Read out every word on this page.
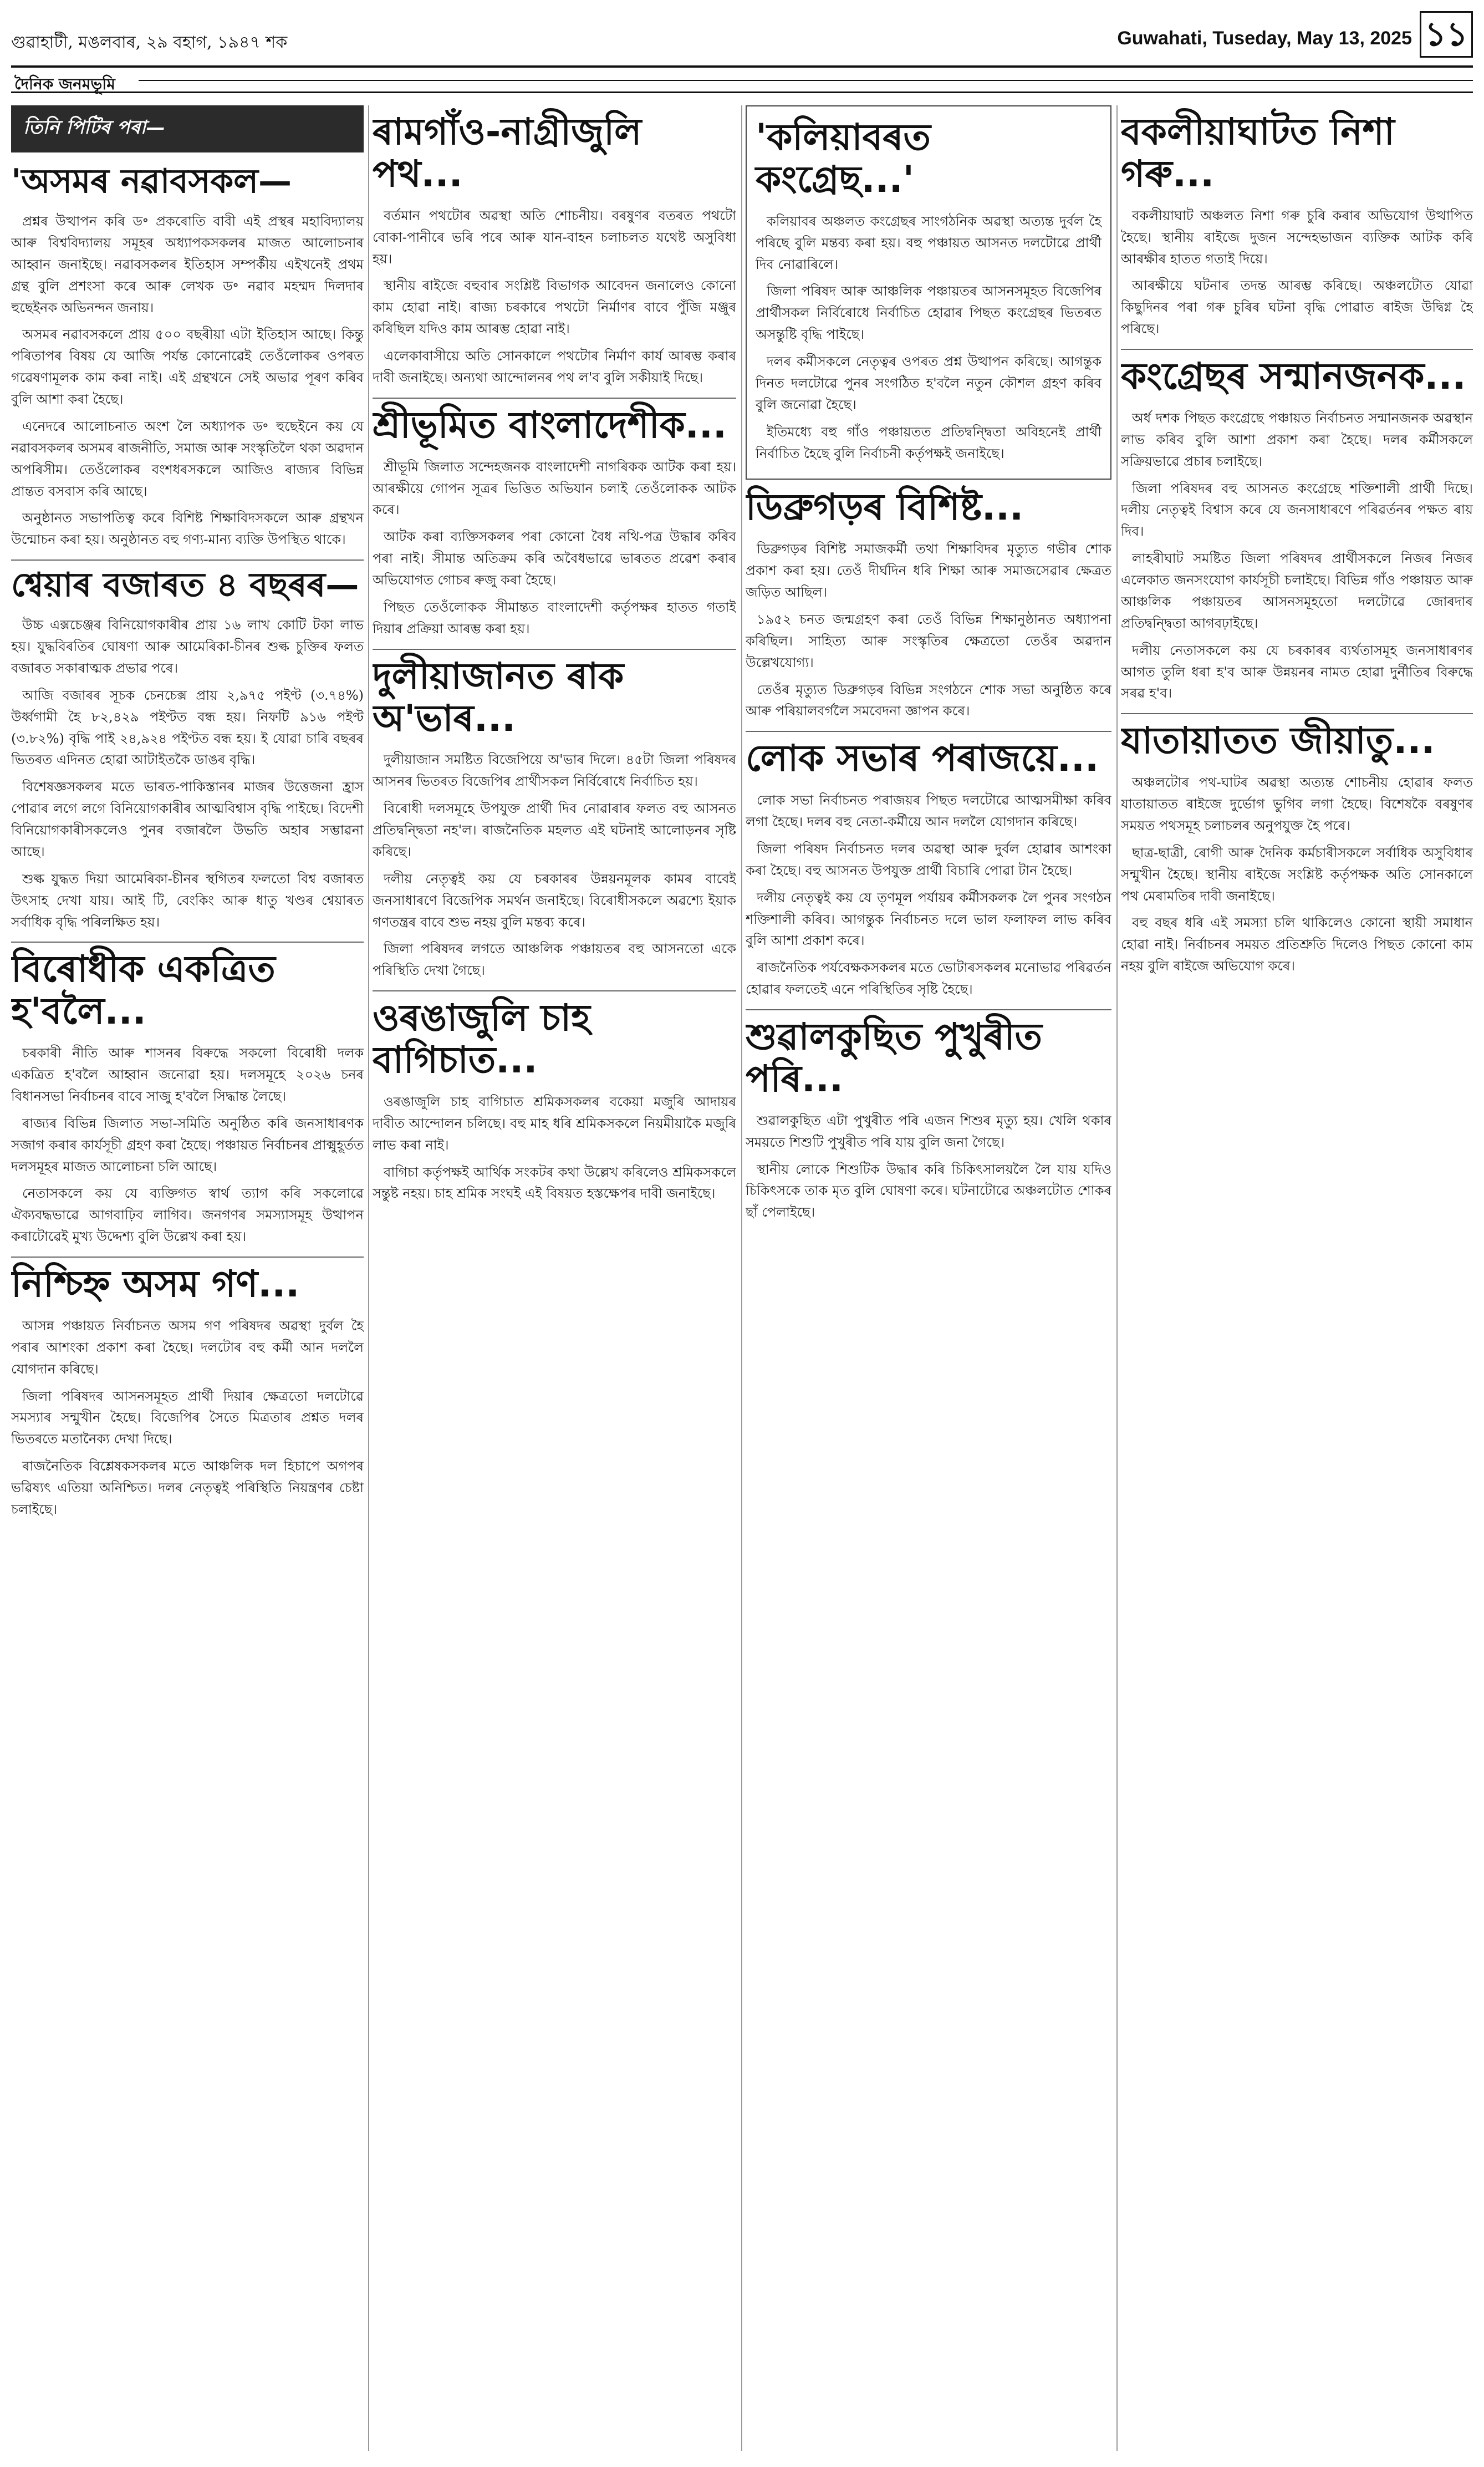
গুৱাহাটী, মঙলবাৰ, ২৯ বহাগ, ১৯৪৭ শক	Guwahati, Tuseday, May 13, 2025 ১১
দৈনিক জনমভূমি
তিনি পিটিৰ পৰা—
'অসমৰ নৱাবসকল—

প্ৰশ্নৰ উত্থাপন কৰি ড॰ প্ৰকৰোতি বাবী এই প্ৰস্থৰ মহাবিদ্যালয় আৰু বিশ্ববিদ্যালয় সমূহৰ অধ্যাপকসকলৰ মাজত আলোচনাৰ আহ্বান জনাইছে। নৱাবসকলৰ ইতিহাস সম্পৰ্কীয় এইখনেই প্ৰথম গ্ৰন্থ বুলি প্ৰশংসা কৰে আৰু লেখক ড॰ নৱাব মহম্মদ দিলদাৰ হুছেইনক অভিনন্দন জনায়।

অসমৰ নৱাবসকলে প্ৰায় ৫০০ বছৰীয়া এটা ইতিহাস আছে। কিন্তু পৰিতাপৰ বিষয় যে আজি পৰ্যন্ত কোনোৱেই তেওঁলোকৰ ওপৰত গৱেষণামূলক কাম কৰা নাই। এই গ্ৰন্থখনে সেই অভাৱ পূৰণ কৰিব বুলি আশা কৰা হৈছে।

এনেদৰে আলোচনাত অংশ লৈ অধ্যাপক ড॰ হুছেইনে কয় যে নৱাবসকলৰ অসমৰ ৰাজনীতি, সমাজ আৰু সংস্কৃতিলৈ থকা অৱদান অপৰিসীম। তেওঁলোকৰ বংশধৰসকলে আজিও ৰাজ্যৰ বিভিন্ন প্ৰান্তত বসবাস কৰি আছে।

অনুষ্ঠানত সভাপতিত্ব কৰে বিশিষ্ট শিক্ষাবিদসকলে আৰু গ্ৰন্থখন উন্মোচন কৰা হয়। অনুষ্ঠানত বহু গণ্য-মান্য ব্যক্তি উপস্থিত থাকে।

শ্বেয়াৰ বজাৰত ৪ বছৰৰ—

উচ্চ এক্সচেঞ্জৰ বিনিয়োগকাৰীৰ প্ৰায় ১৬ লাখ কোটি টকা লাভ হয়। যুদ্ধবিৰতিৰ ঘোষণা আৰু আমেৰিকা-চীনৰ শুল্ক চুক্তিৰ ফলত বজাৰত সকাৰাত্মক প্ৰভাৱ পৰে।

আজি বজাৰৰ সূচক চেনচেক্স প্ৰায় ২,৯৭৫ পইণ্ট (৩.৭৪%) উৰ্ধ্বগামী হৈ ৮২,৪২৯ পইণ্টত বন্ধ হয়। নিফটি ৯১৬ পইণ্ট (৩.৮২%) বৃদ্ধি পাই ২৪,৯২৪ পইণ্টত বন্ধ হয়। ই যোৱা চাৰি বছৰৰ ভিতৰত এদিনত হোৱা আটাইতকৈ ডাঙৰ বৃদ্ধি।

বিশেষজ্ঞসকলৰ মতে ভাৰত-পাকিস্তানৰ মাজৰ উত্তেজনা হ্ৰাস পোৱাৰ লগে লগে বিনিয়োগকাৰীৰ আত্মবিশ্বাস বৃদ্ধি পাইছে। বিদেশী বিনিয়োগকাৰীসকলেও পুনৰ বজাৰলৈ উভতি অহাৰ সম্ভাৱনা আছে।

শুল্ক যুদ্ধত দিয়া আমেৰিকা-চীনৰ স্থগিতৰ ফলতো বিশ্ব বজাৰত উৎসাহ দেখা যায়। আই টি, বেংকিং আৰু ধাতু খণ্ডৰ শ্বেয়াৰত সৰ্বাধিক বৃদ্ধি পৰিলক্ষিত হয়।

বিৰোধীক একত্ৰিত হ'বলৈ...

চৰকাৰী নীতি আৰু শাসনৰ বিৰুদ্ধে সকলো বিৰোধী দলক একত্ৰিত হ'বলৈ আহ্বান জনোৱা হয়। দলসমূহে ২০২৬ চনৰ বিধানসভা নিৰ্বাচনৰ বাবে সাজু হ'বলৈ সিদ্ধান্ত লৈছে।

ৰাজ্যৰ বিভিন্ন জিলাত সভা-সমিতি অনুষ্ঠিত কৰি জনসাধাৰণক সজাগ কৰাৰ কাৰ্যসূচী গ্ৰহণ কৰা হৈছে। পঞ্চায়ত নিৰ্বাচনৰ প্ৰাক্মুহূৰ্তত দলসমূহৰ মাজত আলোচনা চলি আছে।

নেতাসকলে কয় যে ব্যক্তিগত স্বাৰ্থ ত্যাগ কৰি সকলোৱে ঐক্যবদ্ধভাৱে আগবাঢ়িব লাগিব। জনগণৰ সমস্যাসমূহ উত্থাপন কৰাটোৱেই মুখ্য উদ্দেশ্য বুলি উল্লেখ কৰা হয়।

নিশ্চিহ্ন অসম গণ...

আসন্ন পঞ্চায়ত নিৰ্বাচনত অসম গণ পৰিষদৰ অৱস্থা দুৰ্বল হৈ পৰাৰ আশংকা প্ৰকাশ কৰা হৈছে। দলটোৰ বহু কৰ্মী আন দললৈ যোগদান কৰিছে।

জিলা পৰিষদৰ আসনসমূহত প্ৰাৰ্থী দিয়াৰ ক্ষেত্ৰতো দলটোৱে সমস্যাৰ সন্মুখীন হৈছে। বিজেপিৰ সৈতে মিত্ৰতাৰ প্ৰশ্নত দলৰ ভিতৰতে মতানৈক্য দেখা দিছে।

ৰাজনৈতিক বিশ্লেষকসকলৰ মতে আঞ্চলিক দল হিচাপে অগপৰ ভৱিষ্যৎ এতিয়া অনিশ্চিত। দলৰ নেতৃত্বই পৰিস্থিতি নিয়ন্ত্ৰণৰ চেষ্টা চলাইছে।

ৰামগাঁও-নাগ্ৰীজুলি পথ...

বৰ্তমান পথটোৰ অৱস্থা অতি শোচনীয়। বৰষুণৰ বতৰত পথটো বোকা-পানীৰে ভৰি পৰে আৰু যান-বাহন চলাচলত যথেষ্ট অসুবিধা হয়।

স্থানীয় ৰাইজে বহুবাৰ সংশ্লিষ্ট বিভাগক আবেদন জনালেও কোনো কাম হোৱা নাই। ৰাজ্য চৰকাৰে পথটো নিৰ্মাণৰ বাবে পুঁজি মঞ্জুৰ কৰিছিল যদিও কাম আৰম্ভ হোৱা নাই।

এলেকাবাসীয়ে অতি সোনকালে পথটোৰ নিৰ্মাণ কাৰ্য আৰম্ভ কৰাৰ দাবী জনাইছে। অন্যথা আন্দোলনৰ পথ ল'ব বুলি সকীয়াই দিছে।

শ্ৰীভূমিত বাংলাদেশীক...

শ্ৰীভূমি জিলাত সন্দেহজনক বাংলাদেশী নাগৰিকক আটক কৰা হয়। আৰক্ষীয়ে গোপন সূত্ৰৰ ভিত্তিত অভিযান চলাই তেওঁলোকক আটক কৰে।

আটক কৰা ব্যক্তিসকলৰ পৰা কোনো বৈধ নথি-পত্ৰ উদ্ধাৰ কৰিব পৰা নাই। সীমান্ত অতিক্ৰম কৰি অবৈধভাৱে ভাৰতত প্ৰৱেশ কৰাৰ অভিযোগত গোচৰ ৰুজু কৰা হৈছে।

পিছত তেওঁলোকক সীমান্তত বাংলাদেশী কৰ্তৃপক্ষৰ হাতত গতাই দিয়াৰ প্ৰক্ৰিয়া আৰম্ভ কৰা হয়।

দুলীয়াজানত ৰাক অ'ভাৰ...

দুলীয়াজান সমষ্টিত বিজেপিয়ে অ'ভাৰ দিলে। ৪৫টা জিলা পৰিষদৰ আসনৰ ভিতৰত বিজেপিৰ প্ৰাৰ্থীসকল নিৰ্বিৰোধে নিৰ্বাচিত হয়।

বিৰোধী দলসমূহে উপযুক্ত প্ৰাৰ্থী দিব নোৱাৰাৰ ফলত বহু আসনত প্ৰতিদ্বন্দ্বিতা নহ'ল। ৰাজনৈতিক মহলত এই ঘটনাই আলোড়নৰ সৃষ্টি কৰিছে।

দলীয় নেতৃত্বই কয় যে চৰকাৰৰ উন্নয়নমূলক কামৰ বাবেই জনসাধাৰণে বিজেপিক সমৰ্থন জনাইছে। বিৰোধীসকলে অৱশ্যে ইয়াক গণতন্ত্ৰৰ বাবে শুভ নহয় বুলি মন্তব্য কৰে।

জিলা পৰিষদৰ লগতে আঞ্চলিক পঞ্চায়তৰ বহু আসনতো একে পৰিস্থিতি দেখা গৈছে।

ওৰঙাজুলি চাহ বাগিচাত...

ওৰঙাজুলি চাহ বাগিচাত শ্ৰমিকসকলৰ বকেয়া মজুৰি আদায়ৰ দাবীত আন্দোলন চলিছে। বহু মাহ ধৰি শ্ৰমিকসকলে নিয়মীয়াকৈ মজুৰি লাভ কৰা নাই।

বাগিচা কৰ্তৃপক্ষই আৰ্থিক সংকটৰ কথা উল্লেখ কৰিলেও শ্ৰমিকসকলে সন্তুষ্ট নহয়। চাহ শ্ৰমিক সংঘই এই বিষয়ত হস্তক্ষেপৰ দাবী জনাইছে।

'কলিয়াবৰত কংগ্ৰেছ...'

কলিয়াবৰ অঞ্চলত কংগ্ৰেছৰ সাংগঠনিক অৱস্থা অত্যন্ত দুৰ্বল হৈ পৰিছে বুলি মন্তব্য কৰা হয়। বহু পঞ্চায়ত আসনত দলটোৱে প্ৰাৰ্থী দিব নোৱাৰিলে।

জিলা পৰিষদ আৰু আঞ্চলিক পঞ্চায়তৰ আসনসমূহত বিজেপিৰ প্ৰাৰ্থীসকল নিৰ্বিৰোধে নিৰ্বাচিত হোৱাৰ পিছত কংগ্ৰেছৰ ভিতৰত অসন্তুষ্টি বৃদ্ধি পাইছে।

দলৰ কৰ্মীসকলে নেতৃত্বৰ ওপৰত প্ৰশ্ন উত্থাপন কৰিছে। আগন্তুক দিনত দলটোৱে পুনৰ সংগঠিত হ'বলৈ নতুন কৌশল গ্ৰহণ কৰিব বুলি জনোৱা হৈছে।

ইতিমধ্যে বহু গাঁও পঞ্চায়তত প্ৰতিদ্বন্দ্বিতা অবিহনেই প্ৰাৰ্থী নিৰ্বাচিত হৈছে বুলি নিৰ্বাচনী কৰ্তৃপক্ষই জনাইছে।

ডিব্ৰুগড়ৰ বিশিষ্ট...

ডিব্ৰুগড়ৰ বিশিষ্ট সমাজকৰ্মী তথা শিক্ষাবিদৰ মৃত্যুত গভীৰ শোক প্ৰকাশ কৰা হয়। তেওঁ দীৰ্ঘদিন ধৰি শিক্ষা আৰু সমাজসেৱাৰ ক্ষেত্ৰত জড়িত আছিল।

১৯৫২ চনত জন্মগ্ৰহণ কৰা তেওঁ বিভিন্ন শিক্ষানুষ্ঠানত অধ্যাপনা কৰিছিল। সাহিত্য আৰু সংস্কৃতিৰ ক্ষেত্ৰতো তেওঁৰ অৱদান উল্লেখযোগ্য।

তেওঁৰ মৃত্যুত ডিব্ৰুগড়ৰ বিভিন্ন সংগঠনে শোক সভা অনুষ্ঠিত কৰে আৰু পৰিয়ালবৰ্গলৈ সমবেদনা জ্ঞাপন কৰে।

লোক সভাৰ পৰাজয়ে...

লোক সভা নিৰ্বাচনত পৰাজয়ৰ পিছত দলটোৱে আত্মসমীক্ষা কৰিব লগা হৈছে। দলৰ বহু নেতা-কৰ্মীয়ে আন দললৈ যোগদান কৰিছে।

জিলা পৰিষদ নিৰ্বাচনত দলৰ অৱস্থা আৰু দুৰ্বল হোৱাৰ আশংকা কৰা হৈছে। বহু আসনত উপযুক্ত প্ৰাৰ্থী বিচাৰি পোৱা টান হৈছে।

দলীয় নেতৃত্বই কয় যে তৃণমূল পৰ্যায়ৰ কৰ্মীসকলক লৈ পুনৰ সংগঠন শক্তিশালী কৰিব। আগন্তুক নিৰ্বাচনত দলে ভাল ফলাফল লাভ কৰিব বুলি আশা প্ৰকাশ কৰে।

ৰাজনৈতিক পৰ্যবেক্ষকসকলৰ মতে ভোটাৰসকলৰ মনোভাৱ পৰিৱৰ্তন হোৱাৰ ফলতেই এনে পৰিস্থিতিৰ সৃষ্টি হৈছে।

শুৱালকুছিত পুখুৰীত পৰি...

শুৱালকুছিত এটা পুখুৰীত পৰি এজন শিশুৰ মৃত্যু হয়। খেলি থকাৰ সময়তে শিশুটি পুখুৰীত পৰি যায় বুলি জনা গৈছে।

স্থানীয় লোকে শিশুটিক উদ্ধাৰ কৰি চিকিৎসালয়লৈ লৈ যায় যদিও চিকিৎসকে তাক মৃত বুলি ঘোষণা কৰে। ঘটনাটোৱে অঞ্চলটোত শোকৰ ছাঁ পেলাইছে।

বকলীয়াঘাটত নিশা গৰু...

বকলীয়াঘাট অঞ্চলত নিশা গৰু চুৰি কৰাৰ অভিযোগ উত্থাপিত হৈছে। স্থানীয় ৰাইজে দুজন সন্দেহভাজন ব্যক্তিক আটক কৰি আৰক্ষীৰ হাতত গতাই দিয়ে।

আৰক্ষীয়ে ঘটনাৰ তদন্ত আৰম্ভ কৰিছে। অঞ্চলটোত যোৱা কিছুদিনৰ পৰা গৰু চুৰিৰ ঘটনা বৃদ্ধি পোৱাত ৰাইজ উদ্বিগ্ন হৈ পৰিছে।

কংগ্ৰেছৰ সন্মানজনক...

অৰ্ধ দশক পিছত কংগ্ৰেছে পঞ্চায়ত নিৰ্বাচনত সন্মানজনক অৱস্থান লাভ কৰিব বুলি আশা প্ৰকাশ কৰা হৈছে। দলৰ কৰ্মীসকলে সক্ৰিয়ভাৱে প্ৰচাৰ চলাইছে।

জিলা পৰিষদৰ বহু আসনত কংগ্ৰেছে শক্তিশালী প্ৰাৰ্থী দিছে। দলীয় নেতৃত্বই বিশ্বাস কৰে যে জনসাধাৰণে পৰিৱৰ্তনৰ পক্ষত ৰায় দিব।

লাহৰীঘাট সমষ্টিত জিলা পৰিষদৰ প্ৰাৰ্থীসকলে নিজৰ নিজৰ এলেকাত জনসংযোগ কাৰ্যসূচী চলাইছে। বিভিন্ন গাঁও পঞ্চায়ত আৰু আঞ্চলিক পঞ্চায়তৰ আসনসমূহতো দলটোৱে জোৰদাৰ প্ৰতিদ্বন্দ্বিতা আগবঢ়াইছে।

দলীয় নেতাসকলে কয় যে চৰকাৰৰ ব্যৰ্থতাসমূহ জনসাধাৰণৰ আগত তুলি ধৰা হ'ব আৰু উন্নয়নৰ নামত হোৱা দুৰ্নীতিৰ বিৰুদ্ধে সৰৱ হ'ব।

যাতায়াতত জীয়াতু...

অঞ্চলটোৰ পথ-ঘাটৰ অৱস্থা অত্যন্ত শোচনীয় হোৱাৰ ফলত যাতায়াতত ৰাইজে দুৰ্ভোগ ভুগিব লগা হৈছে। বিশেষকৈ বৰষুণৰ সময়ত পথসমূহ চলাচলৰ অনুপযুক্ত হৈ পৰে।

ছাত্ৰ-ছাত্ৰী, ৰোগী আৰু দৈনিক কৰ্মচাৰীসকলে সৰ্বাধিক অসুবিধাৰ সন্মুখীন হৈছে। স্থানীয় ৰাইজে সংশ্লিষ্ট কৰ্তৃপক্ষক অতি সোনকালে পথ মেৰামতিৰ দাবী জনাইছে।

বহু বছৰ ধৰি এই সমস্যা চলি থাকিলেও কোনো স্থায়ী সমাধান হোৱা নাই। নিৰ্বাচনৰ সময়ত প্ৰতিশ্ৰুতি দিলেও পিছত কোনো কাম নহয় বুলি ৰাইজে অভিযোগ কৰে।
